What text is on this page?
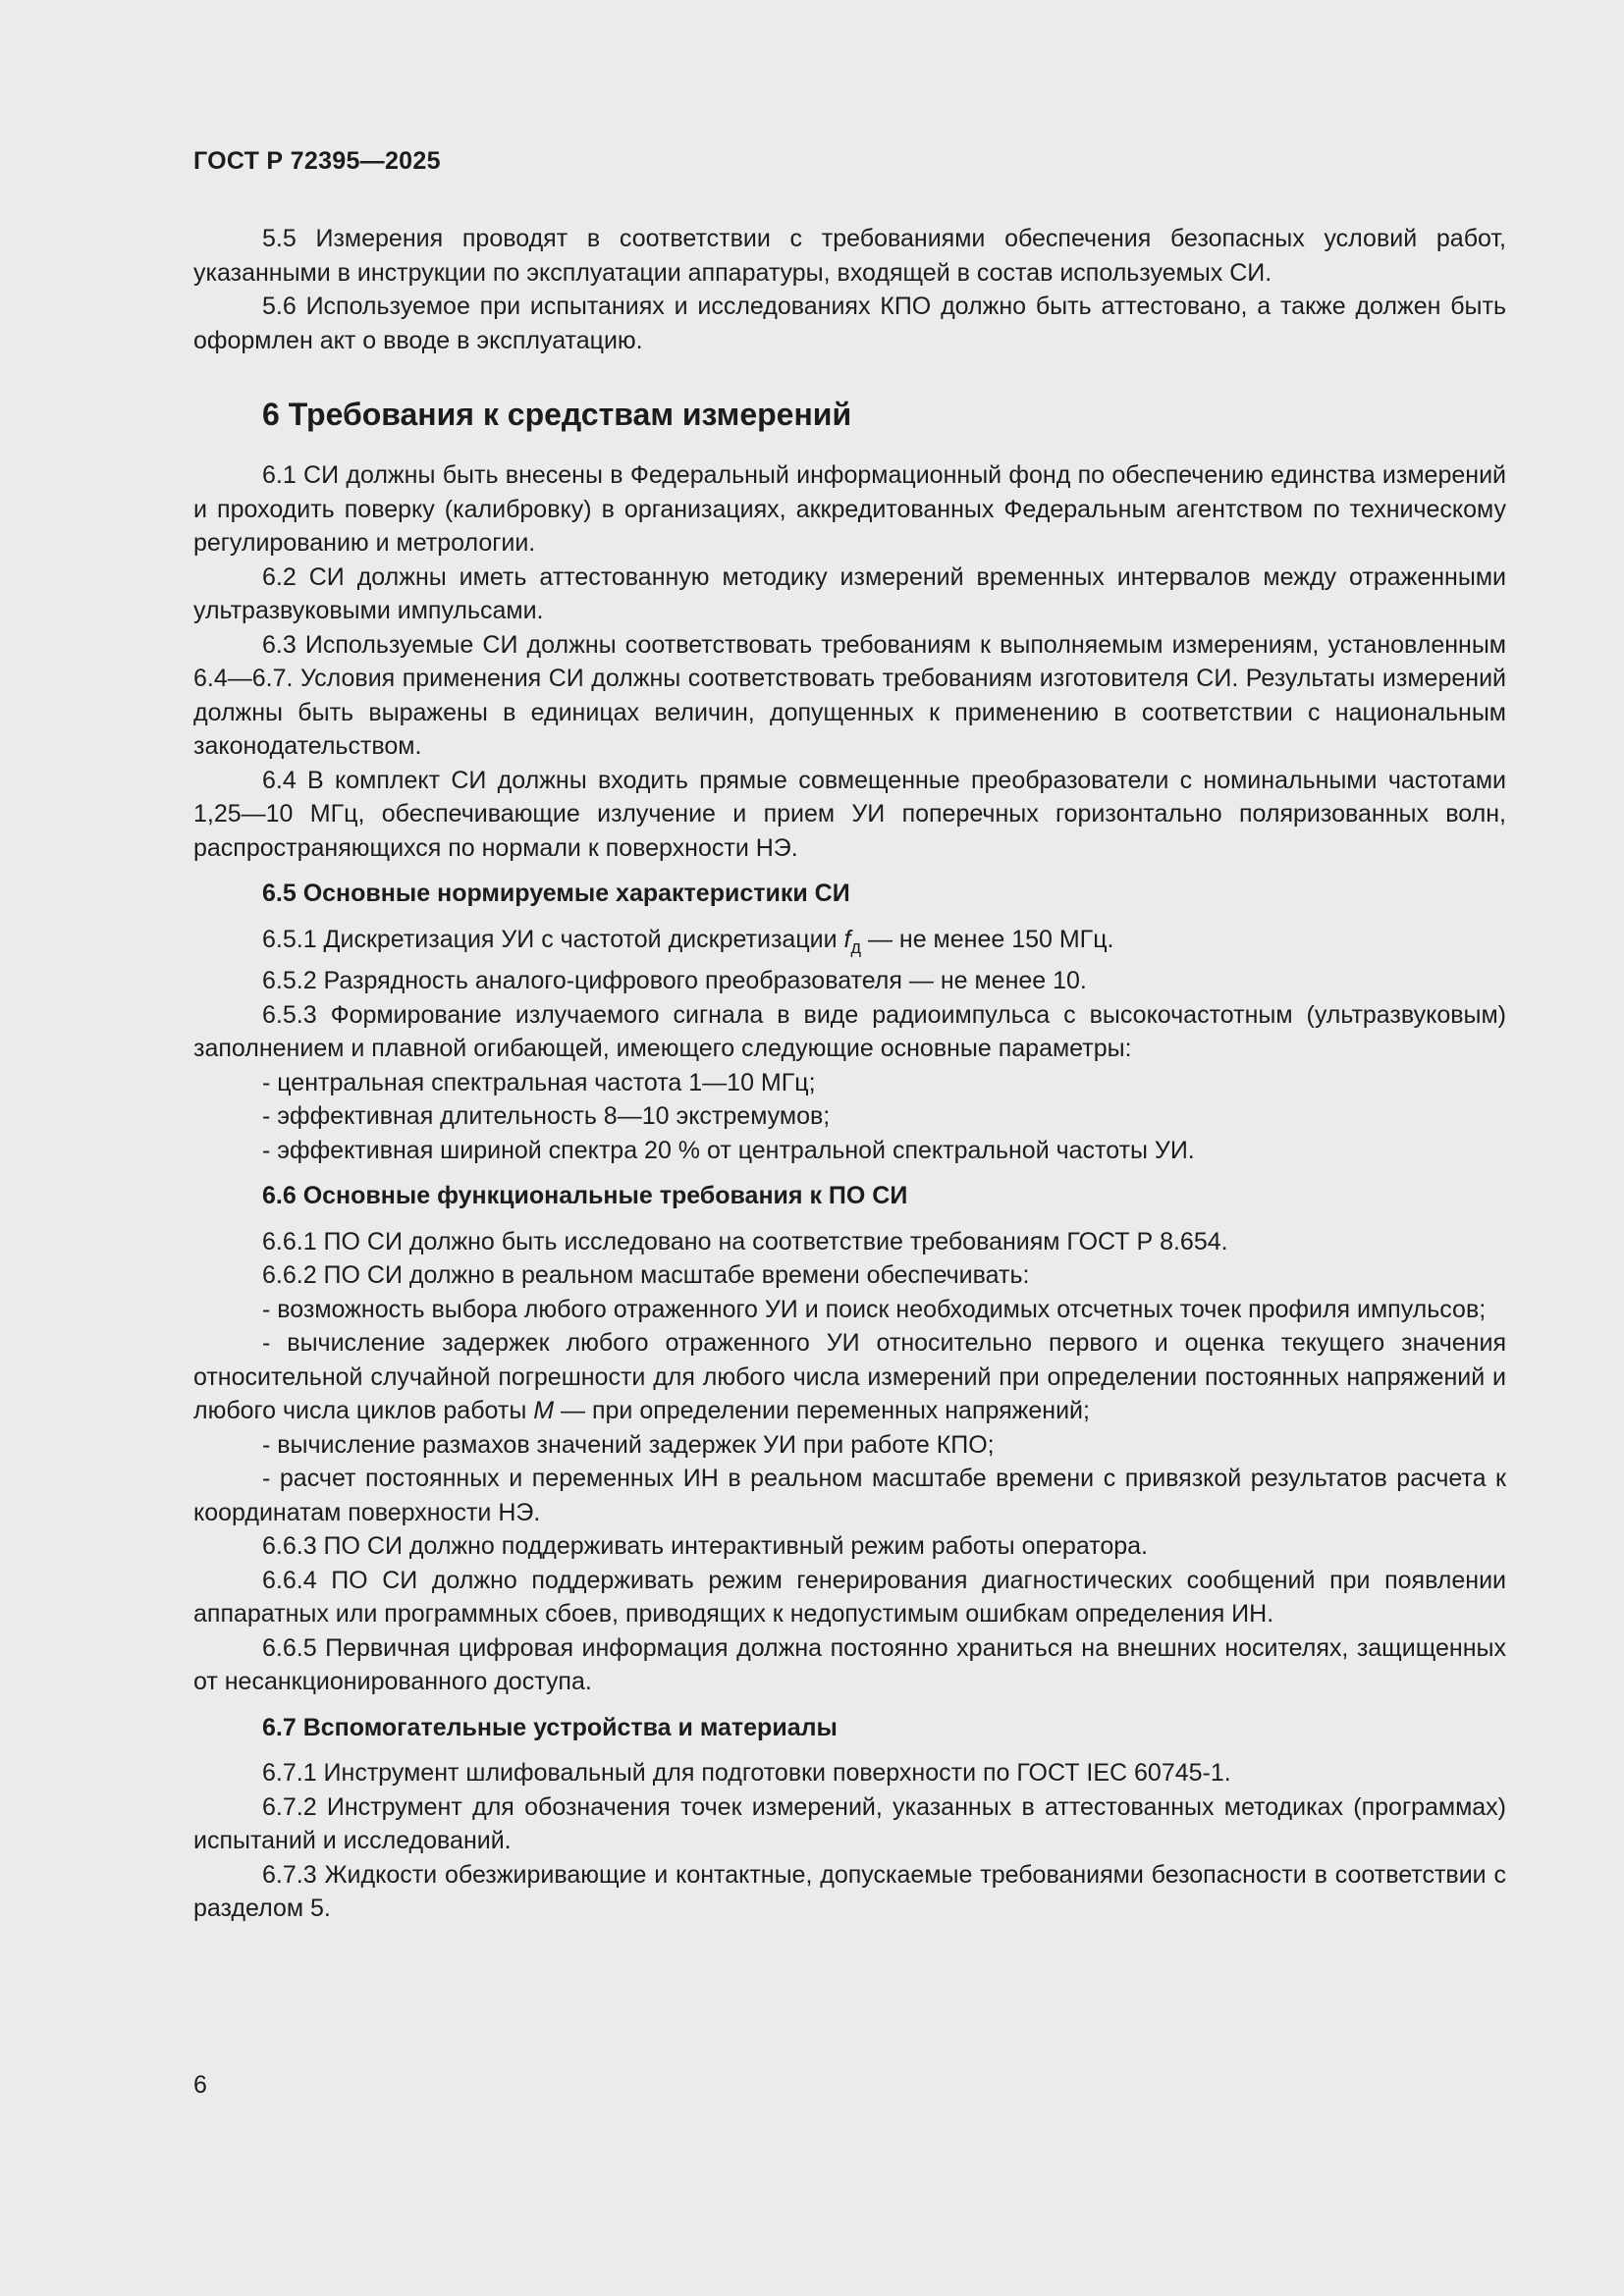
ГОСТ Р 72395—2025

5.5 Измерения проводят в соответствии с требованиями обеспечения безопасных условий работ, указанными в инструкции по эксплуатации аппаратуры, входящей в состав используемых СИ.

5.6 Используемое при испытаниях и исследованиях КПО должно быть аттестовано, а также должен быть оформлен акт о вводе в эксплуатацию.

6 Требования к средствам измерений

6.1 СИ должны быть внесены в Федеральный информационный фонд по обеспечению единства измерений и проходить поверку (калибровку) в организациях, аккредитованных Федеральным агентством по техническому регулированию и метрологии.

6.2 СИ должны иметь аттестованную методику измерений временных интервалов между отраженными ультразвуковыми импульсами.

6.3 Используемые СИ должны соответствовать требованиям к выполняемым измерениям, установленным 6.4—6.7. Условия применения СИ должны соответствовать требованиям изготовителя СИ. Результаты измерений должны быть выражены в единицах величин, допущенных к применению в соответствии с национальным законодательством.

6.4 В комплект СИ должны входить прямые совмещенные преобразователи с номинальными частотами 1,25—10 МГц, обеспечивающие излучение и прием УИ поперечных горизонтально поляризованных волн, распространяющихся по нормали к поверхности НЭ.

6.5 Основные нормируемые характеристики СИ

6.5.1 Дискретизация УИ с частотой дискретизации $f_д$ — не менее 150 МГц.

6.5.2 Разрядность аналого-цифрового преобразователя — не менее 10.

6.5.3 Формирование излучаемого сигнала в виде радиоимпульса с высокочастотным (ультразвуковым) заполнением и плавной огибающей, имеющего следующие основные параметры:

- центральная спектральная частота 1—10 МГц;

- эффективная длительность 8—10 экстремумов;

- эффективная шириной спектра 20 % от центральной спектральной частоты УИ.

6.6 Основные функциональные требования к ПО СИ

6.6.1 ПО СИ должно быть исследовано на соответствие требованиям ГОСТ Р 8.654.

6.6.2 ПО СИ должно в реальном масштабе времени обеспечивать:

- возможность выбора любого отраженного УИ и поиск необходимых отсчетных точек профиля импульсов;

- вычисление задержек любого отраженного УИ относительно первого и оценка текущего значения относительной случайной погрешности для любого числа измерений при определении постоянных напряжений и любого числа циклов работы M — при определении переменных напряжений;

- вычисление размахов значений задержек УИ при работе КПО;

- расчет постоянных и переменных ИН в реальном масштабе времени с привязкой результатов расчета к координатам поверхности НЭ.

6.6.3 ПО СИ должно поддерживать интерактивный режим работы оператора.

6.6.4 ПО СИ должно поддерживать режим генерирования диагностических сообщений при появлении аппаратных или программных сбоев, приводящих к недопустимым ошибкам определения ИН.

6.6.5 Первичная цифровая информация должна постоянно храниться на внешних носителях, защищенных от несанкционированного доступа.

6.7 Вспомогательные устройства и материалы

6.7.1 Инструмент шлифовальный для подготовки поверхности по ГОСТ IEC 60745-1.

6.7.2 Инструмент для обозначения точек измерений, указанных в аттестованных методиках (программах) испытаний и исследований.

6.7.3 Жидкости обезжиривающие и контактные, допускаемые требованиями безопасности в соответствии с разделом 5.

6
